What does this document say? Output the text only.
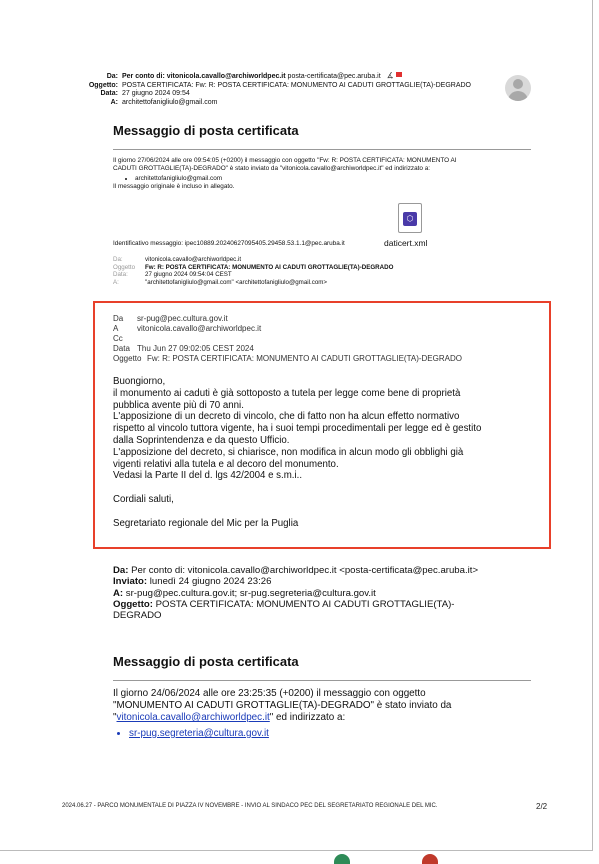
Da: Per conto di: vitonicola.cavallo@archiworldpec.it posta-certificata@pec.aruba.it ∡
Oggetto: POSTA CERTIFICATA: Fw: R: POSTA CERTIFICATA: MONUMENTO AI CADUTI GROTTAGLIE(TA)-DEGRADO
Data: 27 giugno 2024 09:54
A: architettofanigliulo@gmail.com
Messaggio di posta certificata

Il giorno 27/06/2024 alle ore 09:54:05 (+0200) il messaggio con oggetto "Fw: R: POSTA CERTIFICATA: MONUMENTO AI

CADUTI GROTTAGLIE(TA)-DEGRADO" è stato inviato da "vitonicola.cavallo@archiworldpec.it" ed indirizzato a:

• architettofanigliulo@gmail.com

Il messaggio originale è incluso in allegato.

⬡
Identificativo messaggio: ipec10889.20240627095405.29458.53.1.1@pec.aruba.it	daticert.xml
Da:	vitonicola.cavallo@archiworldpec.it
Oggetto Fw: R: POSTA CERTIFICATA: MONUMENTO AI CADUTI GROTTAGLIE(TA)-DEGRADO
Data:	27 giugno 2024 09:54:04 CEST
A:	"architettofanigliulo@gmail.com" <architettofanigliulo@gmail.com>
Da sr-pug@pec.cultura.gov.it
A vitonicola.cavallo@archiworldpec.it
Cc
Data Thu Jun 27 09:02:05 CEST 2024
Oggetto Fw: R: POSTA CERTIFICATA: MONUMENTO AI CADUTI GROTTAGLIE(TA)-DEGRADO

Buongiorno,

il monumento ai caduti è già sottoposto a tutela per legge come bene di proprietà

pubblica avente più di 70 anni.

L'apposizione di un decreto di vincolo, che di fatto non ha alcun effetto normativo

rispetto al vincolo tuttora vigente, ha i suoi tempi procedimentali per legge ed è gestito

dalla Soprintendenza e da questo Ufficio.

L'apposizione del decreto, si chiarisce, non modifica in alcun modo gli obblighi già

vigenti relativi alla tutela e al decoro del monumento.

Vedasi la Parte II del d. lgs 42/2004 e s.m.i..

Cordiali saluti,

Segretariato regionale del Mic per la Puglia

Da: Per conto di: vitonicola.cavallo@archiworldpec.it <posta-certificata@pec.aruba.it>
Inviato: lunedì 24 giugno 2024 23:26
A: sr-pug@pec.cultura.gov.it; sr-pug.segreteria@cultura.gov.it
Oggetto: POSTA CERTIFICATA: MONUMENTO AI CADUTI GROTTAGLIE(TA)-
DEGRADO
Messaggio di posta certificata
Il giorno 24/06/2024 alle ore 23:25:35 (+0200) il messaggio con oggetto
"MONUMENTO AI CADUTI GROTTAGLIE(TA)-DEGRADO" è stato inviato da
"vitonicola.cavallo@archiworldpec.it" ed indirizzato a:
• sr-pug.segreteria@cultura.gov.it
2024.06.27 - PARCO MONUMENTALE DI PIAZZA IV NOVEMBRE - INVIO AL SINDACO PEC DEL SEGRETARIATO REGIONALE DEL MIC.	2/2
